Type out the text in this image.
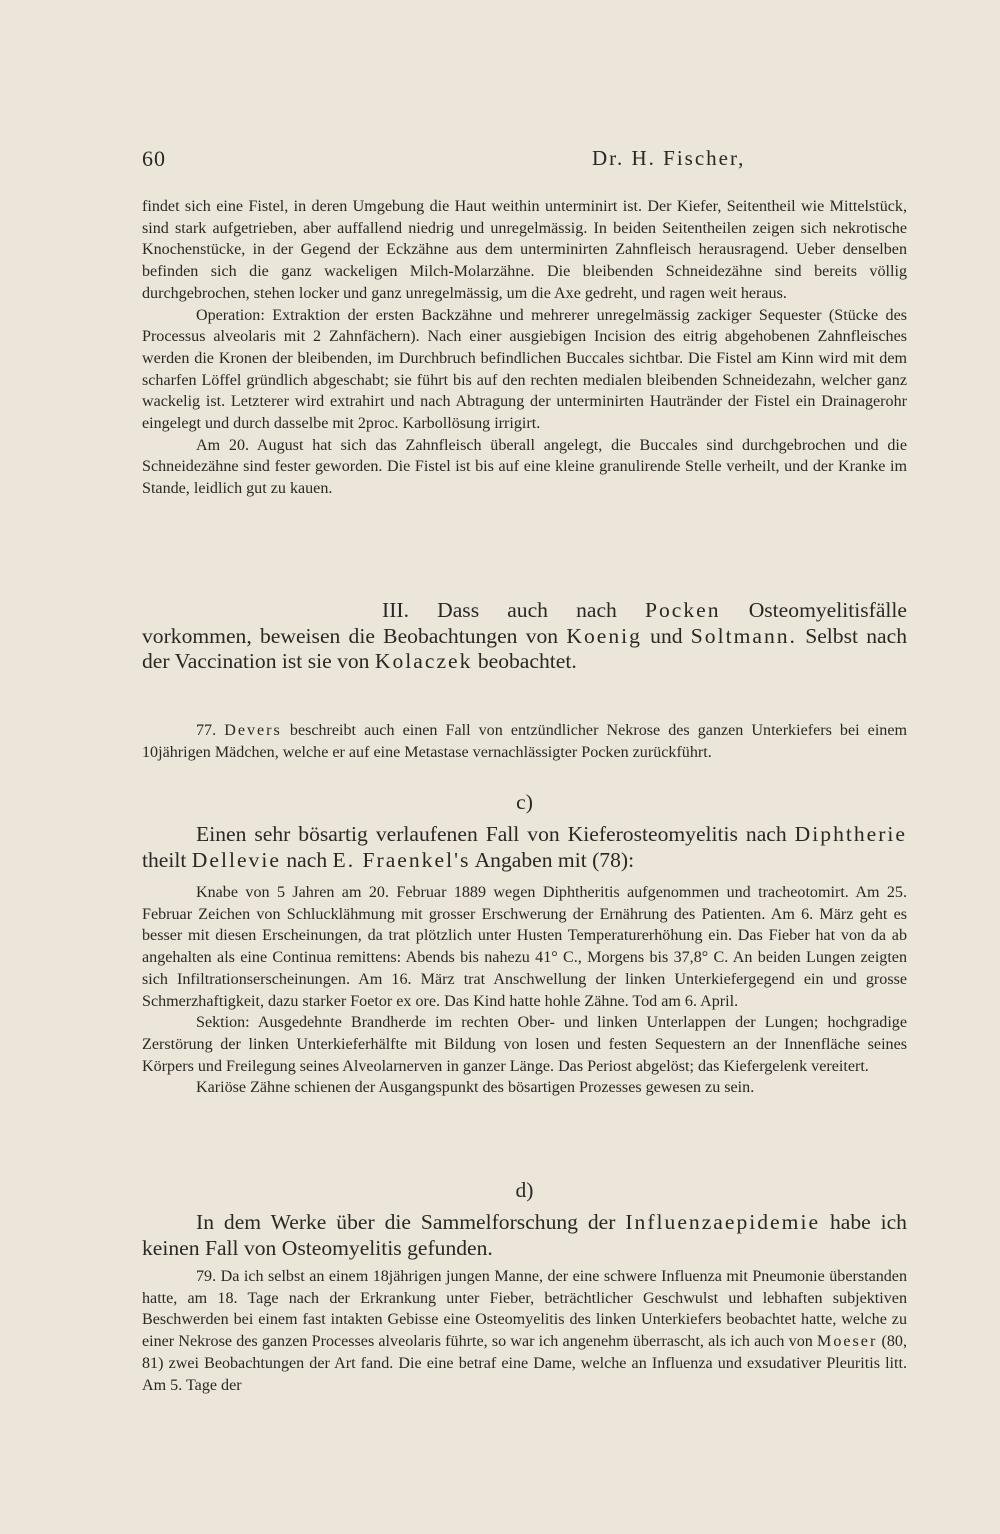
60	Dr. H. Fischer,

findet sich eine Fistel, in deren Umgebung die Haut weithin unterminirt ist. Der Kiefer, Seitentheil wie Mittelstück, sind stark aufgetrieben, aber auffallend niedrig und unregelmässig. In beiden Seitentheilen zeigen sich nekrotische Knochenstücke, in der Gegend der Eckzähne aus dem unterminirten Zahnfleisch herausragend. Ueber denselben befinden sich die ganz wackeligen Milch-Molarzähne. Die bleibenden Schneidezähne sind bereits völlig durchgebrochen, stehen locker und ganz unregelmässig, um die Axe gedreht, und ragen weit heraus.

Operation: Extraktion der ersten Backzähne und mehrerer unregelmässig zackiger Sequester (Stücke des Processus alveolaris mit 2 Zahnfächern). Nach einer ausgiebigen Incision des eitrig abgehobenen Zahnfleisches werden die Kronen der bleibenden, im Durchbruch befindlichen Buccales sichtbar. Die Fistel am Kinn wird mit dem scharfen Löffel gründlich abgeschabt; sie führt bis auf den rechten medialen bleibenden Schneidezahn, welcher ganz wackelig ist. Letzterer wird extrahirt und nach Abtragung der unterminirten Hautränder der Fistel ein Drainagerohr eingelegt und durch dasselbe mit 2proc. Karbollösung irrigirt.

Am 20. August hat sich das Zahnfleisch überall angelegt, die Buccales sind durchgebrochen und die Schneidezähne sind fester geworden. Die Fistel ist bis auf eine kleine granulirende Stelle verheilt, und der Kranke im Stande, leidlich gut zu kauen.

III. Dass auch nach Pocken Osteomyelitisfälle vorkommen, beweisen die Beobachtungen von Koenig und Soltmann. Selbst nach der Vaccination ist sie von Kolaczek beobachtet.

77. Devers beschreibt auch einen Fall von entzündlicher Nekrose des ganzen Unterkiefers bei einem 10jährigen Mädchen, welche er auf eine Metastase vernachlässigter Pocken zurückführt.

c)

Einen sehr bösartig verlaufenen Fall von Kieferosteomyelitis nach Diphtherie theilt Dellevie nach E. Fraenkel's Angaben mit (78):

Knabe von 5 Jahren am 20. Februar 1889 wegen Diphtheritis aufgenommen und tracheotomirt. Am 25. Februar Zeichen von Schlucklähmung mit grosser Erschwerung der Ernährung des Patienten. Am 6. März geht es besser mit diesen Erscheinungen, da trat plötzlich unter Husten Temperaturerhöhung ein. Das Fieber hat von da ab angehalten als eine Continua remittens: Abends bis nahezu 41° C., Morgens bis 37,8° C. An beiden Lungen zeigten sich Infiltrationserscheinungen. Am 16. März trat Anschwellung der linken Unterkiefergegend ein und grosse Schmerzhaftigkeit, dazu starker Foetor ex ore. Das Kind hatte hohle Zähne. Tod am 6. April.

Sektion: Ausgedehnte Brandherde im rechten Ober- und linken Unterlappen der Lungen; hochgradige Zerstörung der linken Unterkieferhälfte mit Bildung von losen und festen Sequestern an der Innenfläche seines Körpers und Freilegung seines Alveolarnerven in ganzer Länge. Das Periost abgelöst; das Kiefergelenk vereitert.

Kariöse Zähne schienen der Ausgangspunkt des bösartigen Prozesses gewesen zu sein.

d)

In dem Werke über die Sammelforschung der Influenzaepidemie habe ich keinen Fall von Osteomyelitis gefunden.

79. Da ich selbst an einem 18jährigen jungen Manne, der eine schwere Influenza mit Pneumonie überstanden hatte, am 18. Tage nach der Erkrankung unter Fieber, beträchtlicher Geschwulst und lebhaften subjektiven Beschwerden bei einem fast intakten Gebisse eine Osteomyelitis des linken Unterkiefers beobachtet hatte, welche zu einer Nekrose des ganzen Processes alveolaris führte, so war ich angenehm überrascht, als ich auch von Moeser (80, 81) zwei Beobachtungen der Art fand. Die eine betraf eine Dame, welche an Influenza und exsudativer Pleuritis litt. Am 5. Tage der
